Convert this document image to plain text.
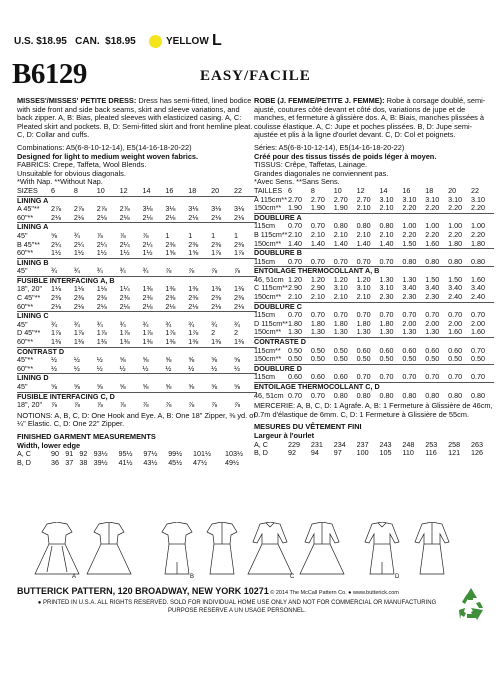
U.S. $18.95   CAN.  $18.95	YELLOW L
B6129	EASY/FACILE

MISSES'/MISSES' PETITE DRESS: Dress has semi-fitted, lined bodice with side front and side back seams, skirt and sleeve variations, and back zipper. A, B: Bias, pleated sleeves with elasticized casing. A, C: Pleated skirt and pockets. B, D: Semi-fitted skirt and front hemline pleat. C, D: Collar and cuffs.

Combinations: A5(6-8-10-12-14), E5(14-16-18-20-22)

Designed for light to medium weight woven fabrics.

FABRICS: Crepe, Taffeta, Wool Blends.

Unsuitable for obvious diagonals.

*With Nap. **Without Nap.

SIZES	6	8	10	12	14	16	18	20	22
LINING A									
A 45"**	2⅞	2⅞	2⅞	2⅞	3⅛	3⅛	3⅛	3⅛	3⅛
60"**	2⅛	2⅛	2⅛	2⅛	2⅛	2⅛	2⅛	2⅛	2⅛
LINING A									
45"	⅝	¾	⅞	⅞	⅞	1	1	1	1
B 45"**	2¼	2¼	2¼	2¼	2¼	2⅜	2⅜	2⅜	2⅜
60"**	1½	1½	1½	1½	1½	1⅝	1⅝	1⅞	1⅞
LINING B									
45"	¾	¾	¾	¾	¾	⅞	⅞	⅞	⅞
FUSIBLE INTERFACING A, B									
18", 20"	1⅛	1⅛	1⅛	1¼	1⅜	1⅜	1⅜	1⅜	1⅜
C 45"**	2⅜	2⅜	2⅜	2⅜	2⅜	2⅜	2⅜	2⅜	2⅜
60"**	2⅛	2⅛	2⅛	2⅛	2⅛	2⅛	2⅛	2⅛	2⅛
LINING C									
45"	¾	¾	¾	¾	¾	¾	¾	¾	¾
D 45"**	1⅞	1⅞	1⅞	1⅞	1⅞	1⅞	1⅞	2	2
60"**	1⅜	1⅜	1⅜	1⅜	1⅜	1⅜	1⅜	1⅜	1⅜
CONTRAST D									
45"**	½	½	½	⅝	⅝	⅝	⅝	⅝	⅝
60"**	½	½	½	½	½	½	½	½	½
LINING D									
45"	⅝	⅝	⅝	⅝	⅝	⅝	⅝	⅝	⅝
FUSIBLE INTERFACING C, D									
18", 20"	⅞	⅞	⅞	⅞	⅞	⅞	⅞	⅞	⅞

NOTIONS: A, B, C, D: One Hook and Eye. A, B: One 18" Zipper, ⅜ yd. of ¼" Elastic. C, D: One 22" Zipper.

FINISHED GARMENT MEASUREMENTS

Width, lower edge

A, C	90	91	92	93½	95½	97½	99½	101½	103½
B, D	36	37	38	39½	41½	43½	45½	47½	49½

ROBE (J. FEMME/PETITE J. FEMME): Robe à corsage doublé, semi-ajusté, coutures côté devant et côté dos, variations de jupe et de manches, et fermeture à glissière dos. A, B: Biais, manches plissées à coulisse élastique. A, C: Jupe et poches plissées. B, D: Jupe semi-ajustée et plis à la ligne d'ourlet devant. C, D: Col et poignets.

Séries: A5(6-8-10-12-14), E5(14-16-18-20-22)

Créé pour des tissus tissés de poids léger à moyen.

TISSUS: Crêpe, Taffetas, Lainage.

Grandes diagonales ne conviennent pas.

*Avec Sens. **Sans Sens.

TAILLES	6	8	10	12	14	16	18	20	22
A 115cm**	2.70	2.70	2.70	2.70	3.10	3.10	3.10	3.10	3.10
150cm**	1.90	1.90	1.90	2.10	2.10	2.20	2.20	2.20	2.20
DOUBLURE A									
115cm	0.70	0.70	0.80	0.80	0.80	1.00	1.00	1.00	1.00
B 115cm**	2.10	2.10	2.10	2.10	2.10	2.20	2.20	2.20	2.20
150cm**	1.40	1.40	1.40	1.40	1.40	1.50	1.60	1.80	1.80
DOUBLURE B									
115cm	0.70	0.70	0.70	0.70	0.70	0.80	0.80	0.80	0.80
ENTOILAGE THERMOCOLLANT A, B									
46, 51cm	1.20	1.20	1.20	1.20	1.30	1.30	1.50	1.50	1.60
C 115cm**	2.90	2.90	3.10	3.10	3.10	3.40	3.40	3.40	3.40
150cm**	2.10	2.10	2.10	2.10	2.30	2.30	2.30	2.40	2.40
DOUBLURE C									
115cm	0.70	0.70	0.70	0.70	0.70	0.70	0.70	0.70	0.70
D 115cm**	1.80	1.80	1.80	1.80	1.80	2.00	2.00	2.00	2.00
150cm**	1.30	1.30	1.30	1.30	1.30	1.30	1.30	1.60	1.60
CONTRASTE D									
115cm**	0.50	0.50	0.50	0.60	0.60	0.60	0.60	0.60	0.70
150cm**	0.50	0.50	0.50	0.50	0.50	0.50	0.50	0.50	0.50
DOUBLURE D									
115cm	0.60	0.60	0.60	0.70	0.70	0.70	0.70	0.70	0.70
ENTOILAGE THERMOCOLLANT C, D									
46, 51cm	0.70	0.70	0.80	0.80	0.80	0.80	0.80	0.80	0.80

MERCERIE: A, B, C, D: 1 Agrafe. A, B: 1 Fermeture à Glissière de 46cm, 0.7m d'élastique de 6mm. C, D: 1 Fermeture à Glissière de 55cm.

MESURES DU VÊTEMENT FINI

Largeur à l'ourlet

A, C	229	231	234	237	243	248	253	258	263
B, D	92	94	97	100	105	110	116	121	126
A	B	C	D
BUTTERICK PATTERN, 120 BROADWAY, NEW YORK 10271 © 2014 The McCall Pattern Co. ● www.butterick.com
● PRINTED IN U.S.A. ALL RIGHTS RESERVED. SOLD FOR INDIVIDUAL HOME USE ONLY AND NOT FOR COMMERCIAL OR MANUFACTURING
PURPOSE RESERVE A UN USAGE PERSONNEL.
